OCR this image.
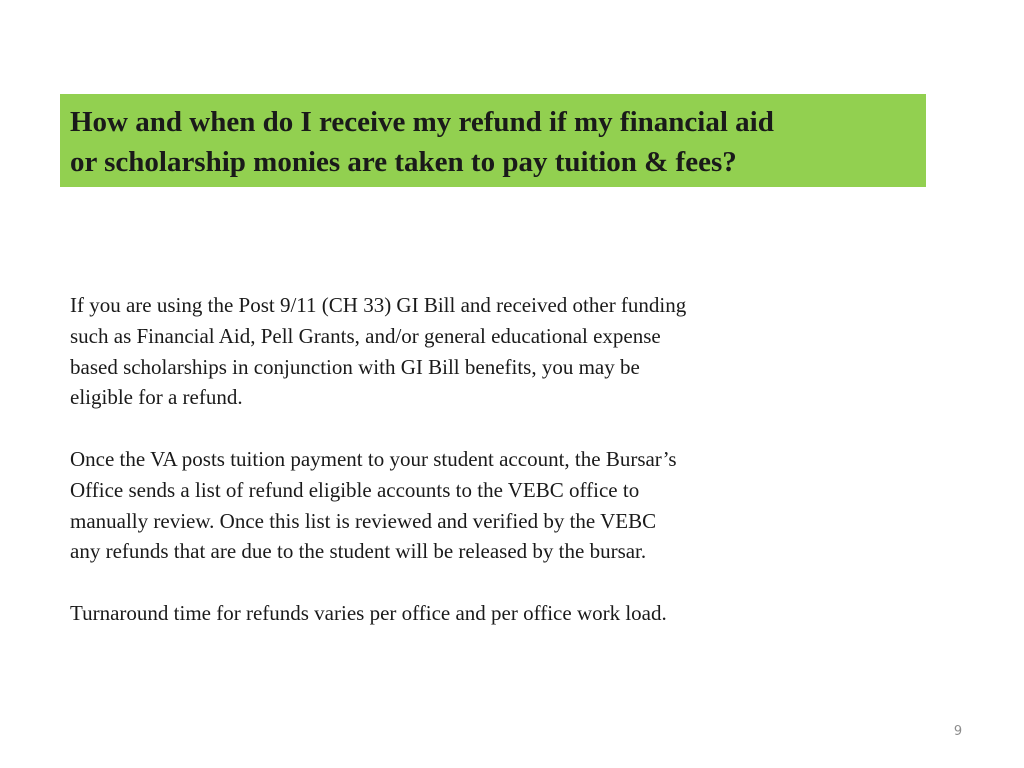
How and when do I receive my refund if my financial aid
or scholarship monies are taken to pay tuition & fees?
If you are using the Post 9/11 (CH 33) GI Bill and received other funding
such as Financial Aid, Pell Grants, and/or general educational expense
based scholarships in conjunction with GI Bill benefits, you may be
eligible for a refund.
Once the VA posts tuition payment to your student account, the Bursar’s
Office sends a list of refund eligible accounts to the VEBC office to
manually review. Once this list is reviewed and verified by the VEBC
any refunds that are due to the student will be released by the bursar.
Turnaround time for refunds varies per office and per office work load.
9
